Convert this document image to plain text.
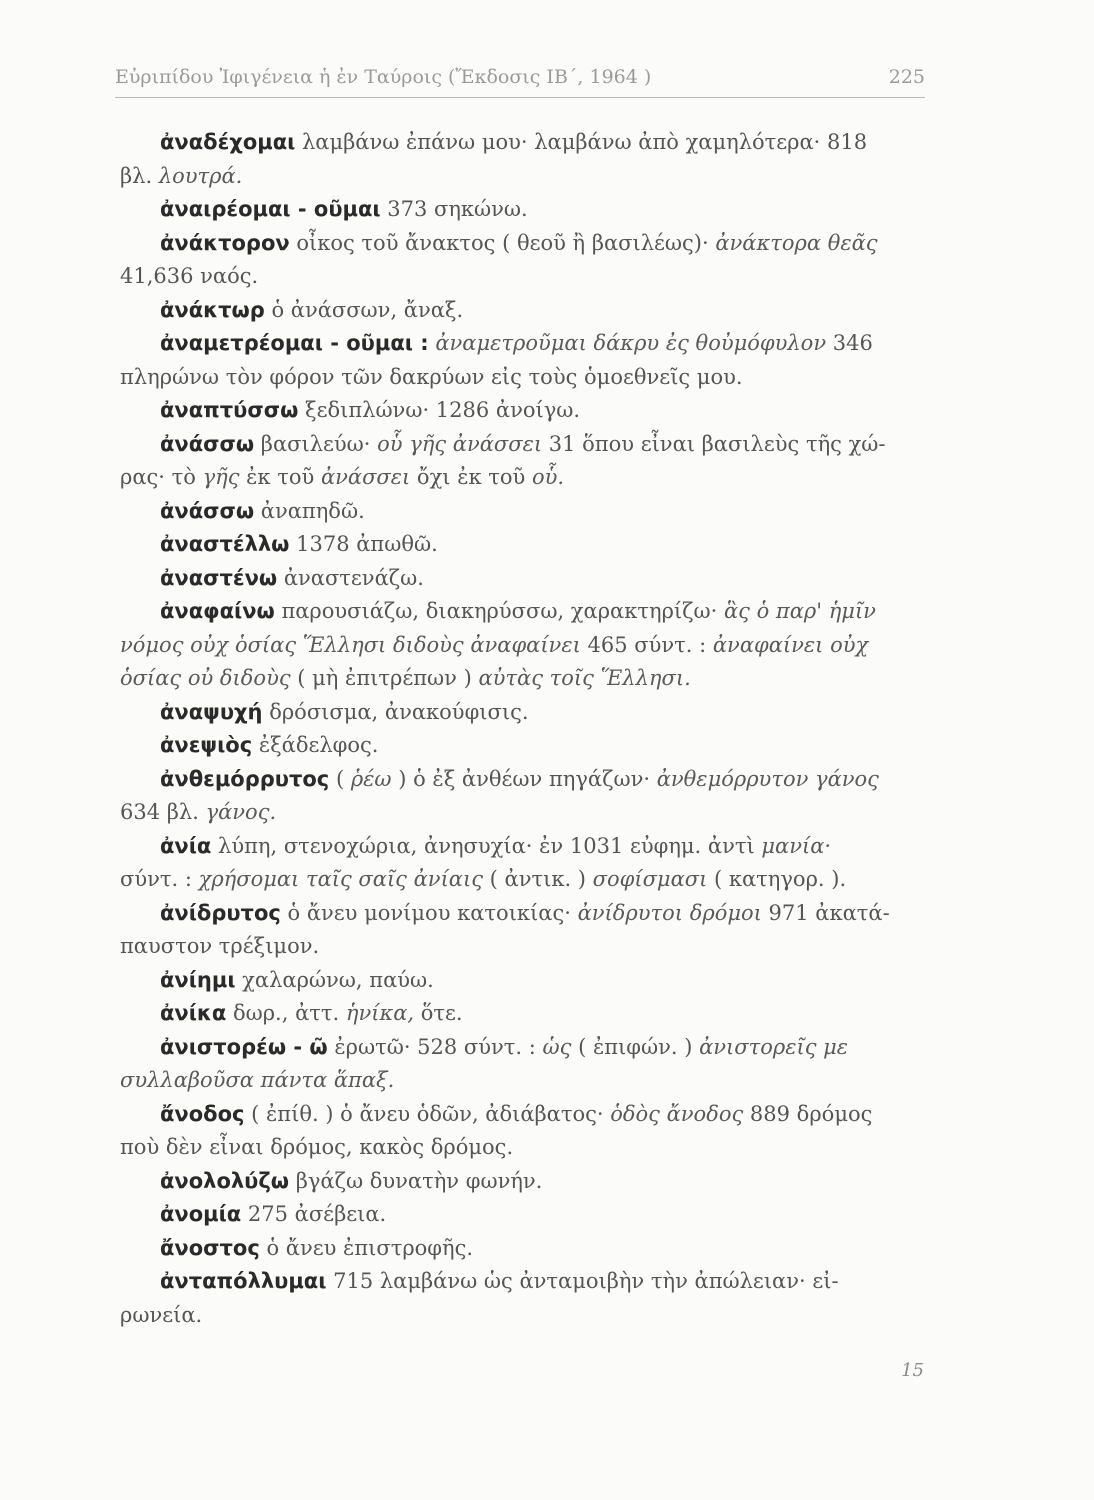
Εὐριπίδου Ἰφιγένεια ἡ ἐν Ταύροις (Ἔκδοσις ΙΒ΄, 1964 )	225
ἀναδέχομαι λαμβάνω ἐπάνω μου· λαμβάνω ἀπὸ χαμηλότερα· 818
βλ. λουτρά.
ἀναιρέομαι - οῦμαι 373 σηκώνω.
ἀνάκτορον οἶκος τοῦ ἄνακτος ( θεοῦ ἢ βασιλέως)· ἀνάκτορα θεᾶς
41,636 ναός.
ἀνάκτωρ ὁ ἀνάσσων, ἄναξ.
ἀναμετρέομαι - οῦμαι : ἀναμετροῦμαι δάκρυ ἐς θοὐμόφυλον 346
πληρώνω τὸν φόρον τῶν δακρύων εἰς τοὺς ὁμοεθνεῖς μου.
ἀναπτύσσω ξεδιπλώνω· 1286 ἀνοίγω.
ἀνάσσω βασιλεύω· οὗ γῆς ἀνάσσει 31 ὅπου εἶναι βασιλεὺς τῆς χώ-
ρας· τὸ γῆς ἐκ τοῦ ἀνάσσει ὄχι ἐκ τοῦ οὗ.
ἀνάσσω ἀναπηδῶ.
ἀναστέλλω 1378 ἀπωθῶ.
ἀναστένω ἀναστενάζω.
ἀναφαίνω παρουσιάζω, διακηρύσσω, χαρακτηρίζω· ἃς ὁ παρ' ἡμῖν
νόμος οὐχ ὁσίας Ἕλλησι διδοὺς ἀναφαίνει 465 σύντ. : ἀναφαίνει οὐχ
ὁσίας οὐ διδοὺς ( μὴ ἐπιτρέπων ) αὐτὰς τοῖς Ἕλλησι.
ἀναψυχή δρόσισμα, ἀνακούφισις.
ἀνεψιὸς ἐξάδελφος.
ἀνθεμόρρυτος ( ῥέω ) ὁ ἐξ ἀνθέων πηγάζων· ἀνθεμόρρυτον γάνος
634 βλ. γάνος.
ἀνία λύπη, στενοχώρια, ἀνησυχία· ἐν 1031 εὐφημ. ἀντὶ μανία·
σύντ. : χρήσομαι ταῖς σαῖς ἀνίαις ( ἀντικ. ) σοφίσμασι ( κατηγορ. ).
ἀνίδρυτος ὁ ἄνευ μονίμου κατοικίας· ἀνίδρυτοι δρόμοι 971 ἀκατά-
παυστον τρέξιμον.
ἀνίημι χαλαρώνω, παύω.
ἀνίκα δωρ., ἀττ. ἡνίκα, ὅτε.
ἀνιστορέω - ῶ ἐρωτῶ· 528 σύντ. : ὡς ( ἐπιφών. ) ἀνιστορεῖς με
συλλαβοῦσα πάντα ἅπαξ.
ἄνοδος ( ἐπίθ. ) ὁ ἄνευ ὁδῶν, ἀδιάβατος· ὁδὸς ἄνοδος 889 δρόμος
ποὺ δὲν εἶναι δρόμος, κακὸς δρόμος.
ἀνολολύζω βγάζω δυνατὴν φωνήν.
ἀνομία 275 ἀσέβεια.
ἄνοστος ὁ ἄνευ ἐπιστροφῆς.
ἀνταπόλλυμαι 715 λαμβάνω ὡς ἀνταμοιβὴν τὴν ἀπώλειαν· εἰ-
ρωνεία.
15
